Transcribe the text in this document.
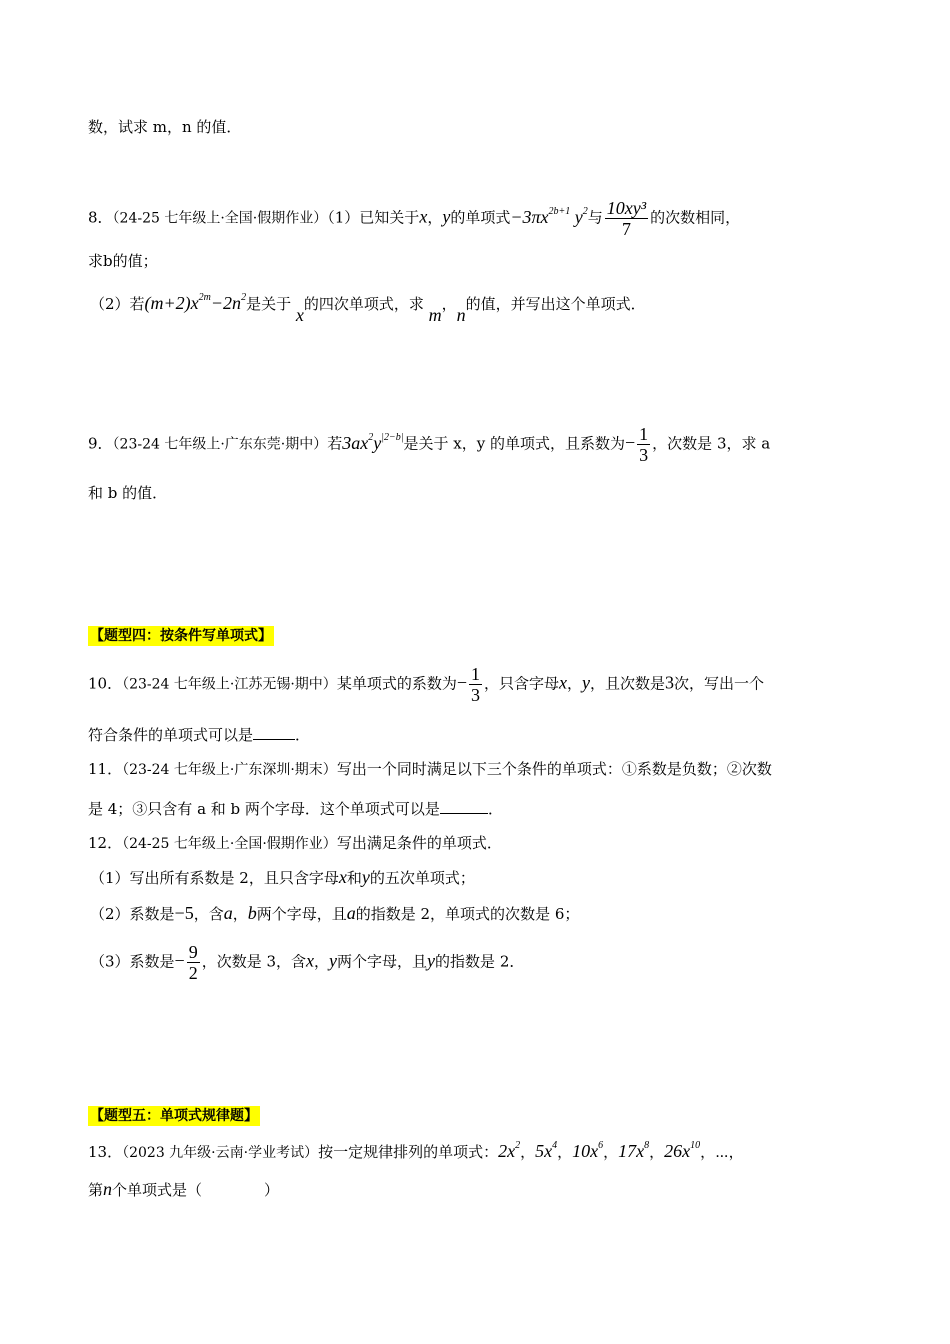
数，试求 m，n 的值．
8．（24-25 七年级上·全国·假期作业）（1）已知关于x，y的单项式$-3\pi x^{2b+1}$ $y^2$与 $\frac{\text{10xy³}}{7}$ 的次数相同，
求b的值；
（2）若$(m+2)x^{2m}-2n^2$是关于 x的四次单项式，求 m，n的值，并写出这个单项式．
9．（23-24 七年级上·广东东莞·期中）若$3ax^2y^{|2-b|}$是关于 x，y 的单项式，且系数为− $\frac{1}{3}$ ，次数是 3，求 a
和 b 的值．
【题型四：按条件写单项式】
10．（23-24 七年级上·江苏无锡·期中）某单项式的系数为− $\frac{1}{3}$ ，只含字母x，y，且次数是3次，写出一个
符合条件的单项式可以是	．
11．（23-24 七年级上·广东深圳·期末）写出一个同时满足以下三个条件的单项式：①系数是负数；②次数
是 4；③只含有 a 和 b 两个字母．这个单项式可以是	．
12．（24-25 七年级上·全国·假期作业）写出满足条件的单项式．
（1）写出所有系数是 2，且只含字母x和y的五次单项式；
（2）系数是−5，含a，b两个字母，且a的指数是 2，单项式的次数是 6；
（3）系数是− $\frac{9}{2}$ ，次数是 3，含x，y两个字母，且y的指数是 2．
【题型五：单项式规律题】
13．（2023 九年级·云南·学业考试）按一定规律排列的单项式：$2x^2$，$5x^4$，$10x^6$，$17x^8$，$26x^{10}$，⋯，
第n个单项式是（	）
